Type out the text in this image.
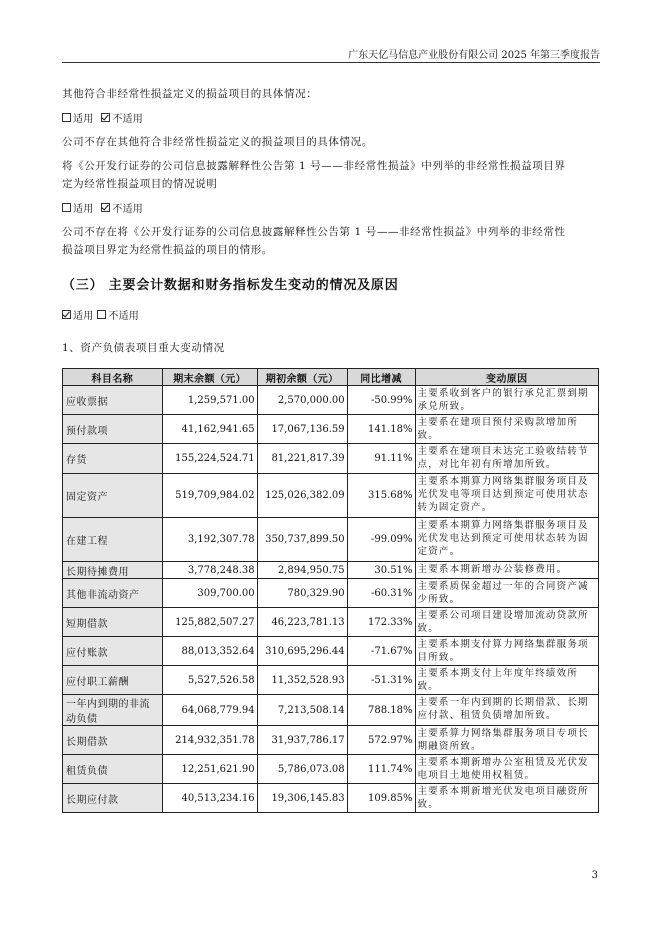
广东天亿马信息产业股份有限公司 2025 年第三季度报告
其他符合非经常性损益定义的损益项目的具体情况：
适用 不适用
公司不存在其他符合非经常性损益定义的损益项目的具体情况。
将《公开发行证券的公司信息披露解释性公告第 1 号——非经常性损益》中列举的非经常性损益项目界
定为经常性损益项目的情况说明
适用 不适用
公司不存在将《公开发行证券的公司信息披露解释性公告第 1 号——非经常性损益》中列举的非经常性
损益项目界定为经常性损益的项目的情形。
（三） 主要会计数据和财务指标发生变动的情况及原因
适用 不适用
1、资产负债表项目重大变动情况
科目名称	期末余额（元）	期初余额（元）	同比增减	变动原因
应收票据	1,259,571.00	2,570,000.00	-50.99%	主要系收到客户的银行承兑汇票到期承兑所致。
预付款项	41,162,941.65	17,067,136.59	141.18%	主要系在建项目预付采购款增加所致。
存货	155,224,524.71	81,221,817.39	91.11%	主要系在建项目未达完工验收结转节点，对比年初有所增加所致。
固定资产	519,709,984.02	125,026,382.09	315.68%	主要系本期算力网络集群服务项目及光伏发电等项目达到预定可使用状态转为固定资产。
在建工程	3,192,307.78	350,737,899.50	-99.09%	主要系本期算力网络集群服务项目及光伏发电达到预定可使用状态转为固定资产。
长期待摊费用	3,778,248.38	2,894,950.75	30.51%	主要系本期新增办公装修费用。
其他非流动资产	309,700.00	780,329.90	-60.31%	主要系质保金超过一年的合同资产减少所致。
短期借款	125,882,507.27	46,223,781.13	172.33%	主要系公司项目建设增加流动贷款所致。
应付账款	88,013,352.64	310,695,296.44	-71.67%	主要系本期支付算力网络集群服务项目所致。
应付职工薪酬	5,527,526.58	11,352,528.93	-51.31%	主要系本期支付上年度年终绩效所致。
一年内到期的非流动负债	64,068,779.94	7,213,508.14	788.18%	主要系一年内到期的长期借款、长期应付款、租赁负债增加所致。
长期借款	214,932,351.78	31,937,786.17	572.97%	主要系算力网络集群服务项目专项长期融资所致。
租赁负债	12,251,621.90	5,786,073.08	111.74%	主要系本期新增办公室租赁及光伏发电项目土地使用权租赁。
长期应付款	40,513,234.16	19,306,145.83	109.85%	主要系本期新增光伏发电项目融资所致。
3
